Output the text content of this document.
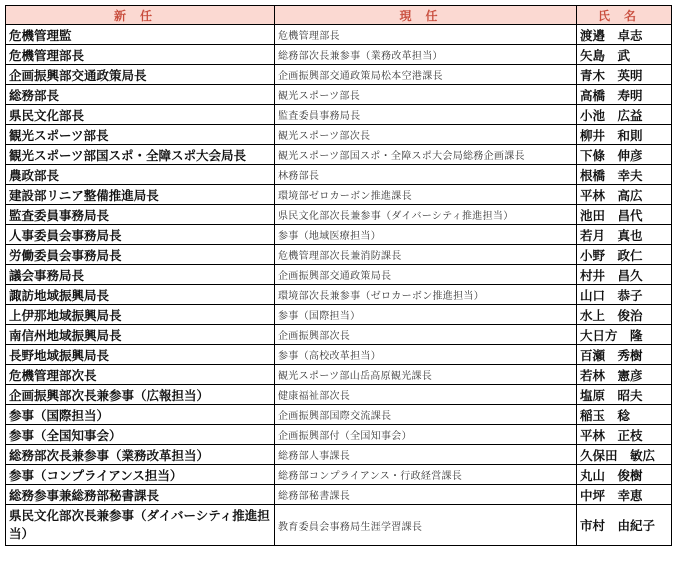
新任	現任	氏名
危機管理監	危機管理部長	渡邉　卓志
危機管理部長	総務部次長兼参事（業務改革担当）	矢島　武
企画振興部交通政策局長	企画振興部交通政策局松本空港課長	青木　英明
総務部長	観光スポーツ部長	高橋　寿明
県民文化部長	監査委員事務局長	小池　広益
観光スポーツ部長	観光スポーツ部次長	柳井　和則
観光スポーツ部国スポ・全障スポ大会局長	観光スポーツ部国スポ・全障スポ大会局総務企画課長	下條　伸彦
農政部長	林務部長	根橋　幸夫
建設部リニア整備推進局長	環境部ゼロカーボン推進課長	平林　高広
監査委員事務局長	県民文化部次長兼参事（ダイバーシティ推進担当）	池田　昌代
人事委員会事務局長	参事（地域医療担当）	若月　真也
労働委員会事務局長	危機管理部次長兼消防課長	小野　政仁
議会事務局長	企画振興部交通政策局長	村井　昌久
諏訪地域振興局長	環境部次長兼参事（ゼロカーボン推進担当）	山口　恭子
上伊那地域振興局長	参事（国際担当）	水上　俊治
南信州地域振興局長	企画振興部次長	大日方　隆
長野地域振興局長	参事（高校改革担当）	百瀬　秀樹
危機管理部次長	観光スポーツ部山岳高原観光課長	若林　憲彦
企画振興部次長兼参事（広報担当）	健康福祉部次長	塩原　昭夫
参事（国際担当）	企画振興部国際交流課長	稲玉　稔
参事（全国知事会）	企画振興部付（全国知事会）	平林　正枝
総務部次長兼参事（業務改革担当）	総務部人事課長	久保田　敏広
参事（コンプライアンス担当）	総務部コンプライアンス・行政経営課長	丸山　俊樹
総務参事兼総務部秘書課長	総務部秘書課長	中坪　幸恵
県民文化部次長兼参事（ダイバーシティ推進担当）	教育委員会事務局生涯学習課長	市村　由紀子
